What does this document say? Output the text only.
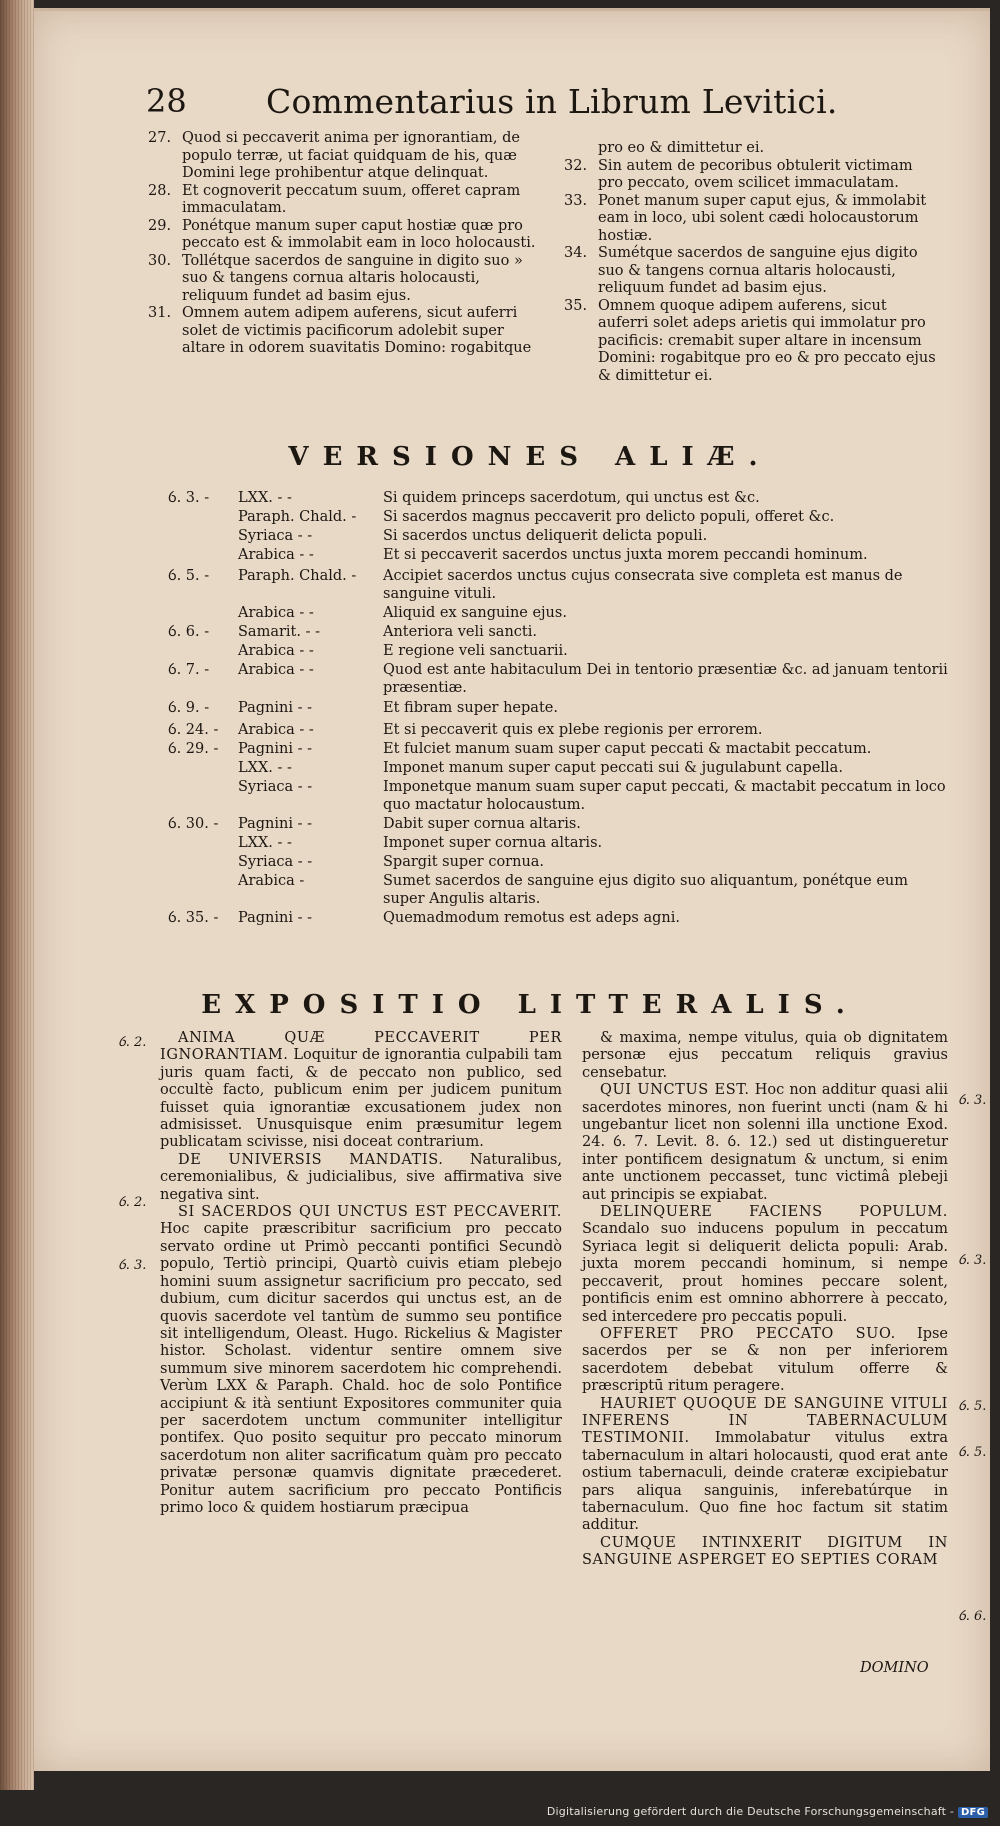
28 Commentarius in Librum Levitici.
27. Quod si peccaverit anima per ignorantiam, de populo terræ, ut faciat quidquam de his, quæ Domini lege prohibentur atque delinquat.
28. Et cognoverit peccatum suum, offeret capram immaculatam.
29. Ponétque manum super caput hostiæ quæ pro peccato est & immolabit eam in loco holocausti.
30. Tollétque sacerdos de sanguine in digito suo » suo & tangens cornua altaris holocausti, reliquum fundet ad basim ejus.
31. Omnem autem adipem auferens, sicut auferri solet de victimis pacificorum adolebit super altare in odorem suavitatis Domino: rogabitque
pro eo & dimittetur ei.
32. Sin autem de pecoribus obtulerit victimam pro peccato, ovem scilicet immaculatam.
33. Ponet manum super caput ejus, & immolabit eam in loco, ubi solent cædi holocaustorum hostiæ.
34. Sumétque sacerdos de sanguine ejus digito suo & tangens cornua altaris holocausti, reliquum fundet ad basim ejus.
35. Omnem quoque adipem auferens, sicut auferri solet adeps arietis qui immolatur pro pacificis: cremabit super altare in incensum Domini: rogabitque pro eo & pro peccato ejus & dimittetur ei.
VERSIONES ALIÆ.
ỽ. 3. -	LXX. - -	Si quidem princeps sacerdotum, qui unctus est &c.
Paraph. Chald. -	Si sacerdos magnus peccaverit pro delicto populi, offeret &c.
Syriaca - -	Si sacerdos unctus deliquerit delicta populi.
Arabica - -	Et si peccaverit sacerdos unctus juxta morem peccandi hominum.
ỽ. 5. -	Paraph. Chald. -	Accipiet sacerdos unctus cujus consecrata sive completa est manus de sanguine vituli.
Arabica - -	Aliquid ex sanguine ejus.
ỽ. 6. -	Samarit. - -	Anteriora veli sancti.
Arabica - -	E regione veli sanctuarii.
ỽ. 7. -	Arabica - -	Quod est ante habitaculum Dei in tentorio præsentiæ &c. ad januam tentorii præsentiæ.
ỽ. 9. -	Pagnini - -	Et fibram super hepate.
ỽ. 24. -	Arabica - -	Et si peccaverit quis ex plebe regionis per errorem.
ỽ. 29. -	Pagnini - -	Et fulciet manum suam super caput peccati & mactabit peccatum.
LXX. - -	Imponet manum super caput peccati sui & jugulabunt capella.
Syriaca - -	Imponetque manum suam super caput peccati, & mactabit peccatum in loco quo mactatur holocaustum.
ỽ. 30. -	Pagnini - -	Dabit super cornua altaris.
LXX. - -	Imponet super cornua altaris.
Syriaca - -	Spargit super cornua.
Arabica -	Sumet sacerdos de sanguine ejus digito suo aliquantum, ponétque eum super Angulis altaris.
ỽ. 35. -	Pagnini - -	Quemadmodum remotus est adeps agni.
EXPOSITIO LITTERALIS.
ANIMA QUÆ PECCAVERIT PER IGNORANTIAM. Loquitur de ignorantia culpabili tam juris quam facti, & de peccato non publico, sed occultè facto, publicum enim per judicem punitum fuisset quia ignorantiæ excusationem judex non admisisset. Unusquisque enim præsumitur legem publicatam scivisse, nisi doceat contrarium.
DE UNIVERSIS MANDATIS. Naturalibus, ceremonialibus, & judicialibus, sive affirmativa sive negativa sint.
SI SACERDOS QUI UNCTUS EST PECCAVERIT. Hoc capite præscribitur sacrificium pro peccato servato ordine ut Primò peccanti pontifici Secundò populo, Tertiò principi, Quartò cuivis etiam plebejo homini suum assignetur sacrificium pro peccato, sed dubium, cum dicitur sacerdos qui unctus est, an de quovis sacerdote vel tantùm de summo seu pontifice sit intelligendum, Oleast. Hugo. Rickelius & Magister histor. Scholast. videntur sentire omnem sive summum sive minorem sacerdotem hic comprehendi. Verùm LXX & Paraph. Chald. hoc de solo Pontifice accipiunt & ità sentiunt Expositores communiter quia per sacerdotem unctum communiter intelligitur pontifex. Quo posito sequitur pro peccato minorum sacerdotum non aliter sacrificatum quàm pro peccato privatæ personæ quamvis dignitate præcederet. Ponitur autem sacrificium pro peccato Pontificis primo loco & quidem hostiarum præcipua
& maxima, nempe vitulus, quia ob dignitatem personæ ejus peccatum reliquis gravius censebatur.
QUI UNCTUS EST. Hoc non additur quasi alii sacerdotes minores, non fuerint uncti (nam & hi ungebantur licet non solenni illa unctione Exod. 24. ỽ. 7. Levit. 8. ỽ. 12.) sed ut distingueretur inter pontificem designatum & unctum, si enim ante unctionem peccasset, tunc victimâ plebeji aut principis se expiabat.
DELINQUERE FACIENS POPULUM. Scandalo suo inducens populum in peccatum Syriaca legit si deliquerit delicta populi: Arab. juxta morem peccandi hominum, si nempe peccaverit, prout homines peccare solent, pontificis enim est omnino abhorrere à peccato, sed intercedere pro peccatis populi.
OFFERET PRO PECCATO SUO. Ipse sacerdos per se & non per inferiorem sacerdotem debebat vitulum offerre & præscriptū ritum peragere.
HAURIET QUOQUE DE SANGUINE VITULI INFERENS IN TABERNACULUM TESTIMONII. Immolabatur vitulus extra tabernaculum in altari holocausti, quod erat ante ostium tabernaculi, deinde crateræ excipiebatur pars aliqua sanguinis, inferebatúrque in tabernaculum. Quo fine hoc factum sit statim additur.
CUMQUE INTINXERIT DIGITUM IN SANGUINE ASPERGET EO SEPTIES CORAM
DOMINO
ỽ. 2.
ỽ. 2.
ỽ. 3.
ỽ. 3.
ỽ. 3.
ỽ. 5.
ỽ. 5.
ỽ. 6.
Digitalisierung gefördert durch die Deutsche Forschungsgemeinschaft - DFG
